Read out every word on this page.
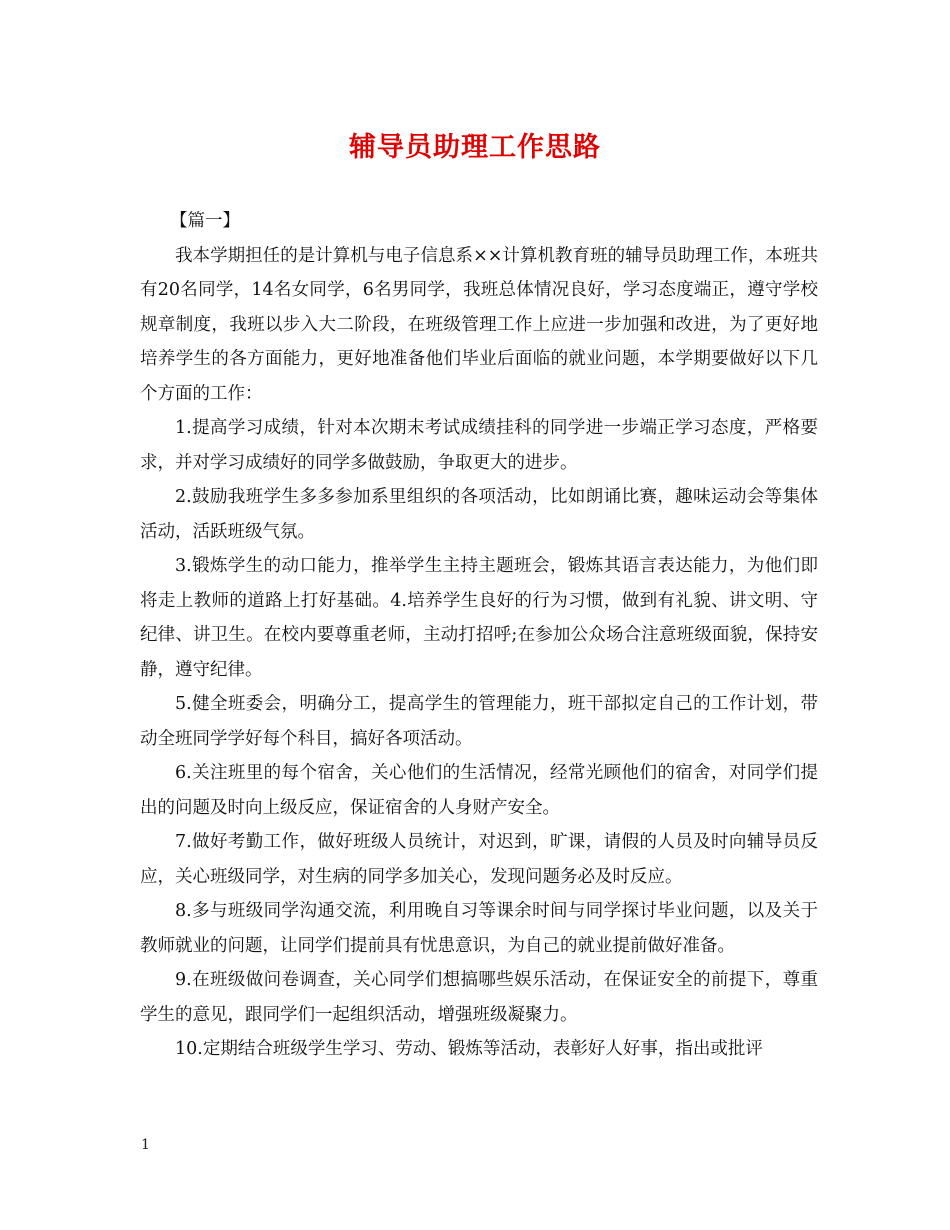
辅导员助理工作思路

【篇一】

我本学期担任的是计算机与电子信息系××计算机教育班的辅导员助理工作，本班共有20名同学，14名女同学，6名男同学，我班总体情况良好，学习态度端正，遵守学校规章制度，我班以步入大二阶段，在班级管理工作上应进一步加强和改进，为了更好地培养学生的各方面能力，更好地准备他们毕业后面临的就业问题，本学期要做好以下几个方面的工作：

1.提高学习成绩，针对本次期末考试成绩挂科的同学进一步端正学习态度，严格要求，并对学习成绩好的同学多做鼓励，争取更大的进步。

2.鼓励我班学生多多参加系里组织的各项活动，比如朗诵比赛，趣味运动会等集体活动，活跃班级气氛。

3.锻炼学生的动口能力，推举学生主持主题班会，锻炼其语言表达能力，为他们即将走上教师的道路上打好基础。4.培养学生良好的行为习惯，做到有礼貌、讲文明、守纪律、讲卫生。在校内要尊重老师，主动打招呼;在参加公众场合注意班级面貌，保持安静，遵守纪律。

5.健全班委会，明确分工，提高学生的管理能力，班干部拟定自己的工作计划，带动全班同学学好每个科目，搞好各项活动。

6.关注班里的每个宿舍，关心他们的生活情况，经常光顾他们的宿舍，对同学们提出的问题及时向上级反应，保证宿舍的人身财产安全。

7.做好考勤工作，做好班级人员统计，对迟到，旷课，请假的人员及时向辅导员反应，关心班级同学，对生病的同学多加关心，发现问题务必及时反应。

8.多与班级同学沟通交流，利用晚自习等课余时间与同学探讨毕业问题，以及关于教师就业的问题，让同学们提前具有忧患意识，为自己的就业提前做好准备。

9.在班级做问卷调查，关心同学们想搞哪些娱乐活动，在保证安全的前提下，尊重学生的意见，跟同学们一起组织活动，增强班级凝聚力。

10.定期结合班级学生学习、劳动、锻炼等活动，表彰好人好事，指出或批评

1
